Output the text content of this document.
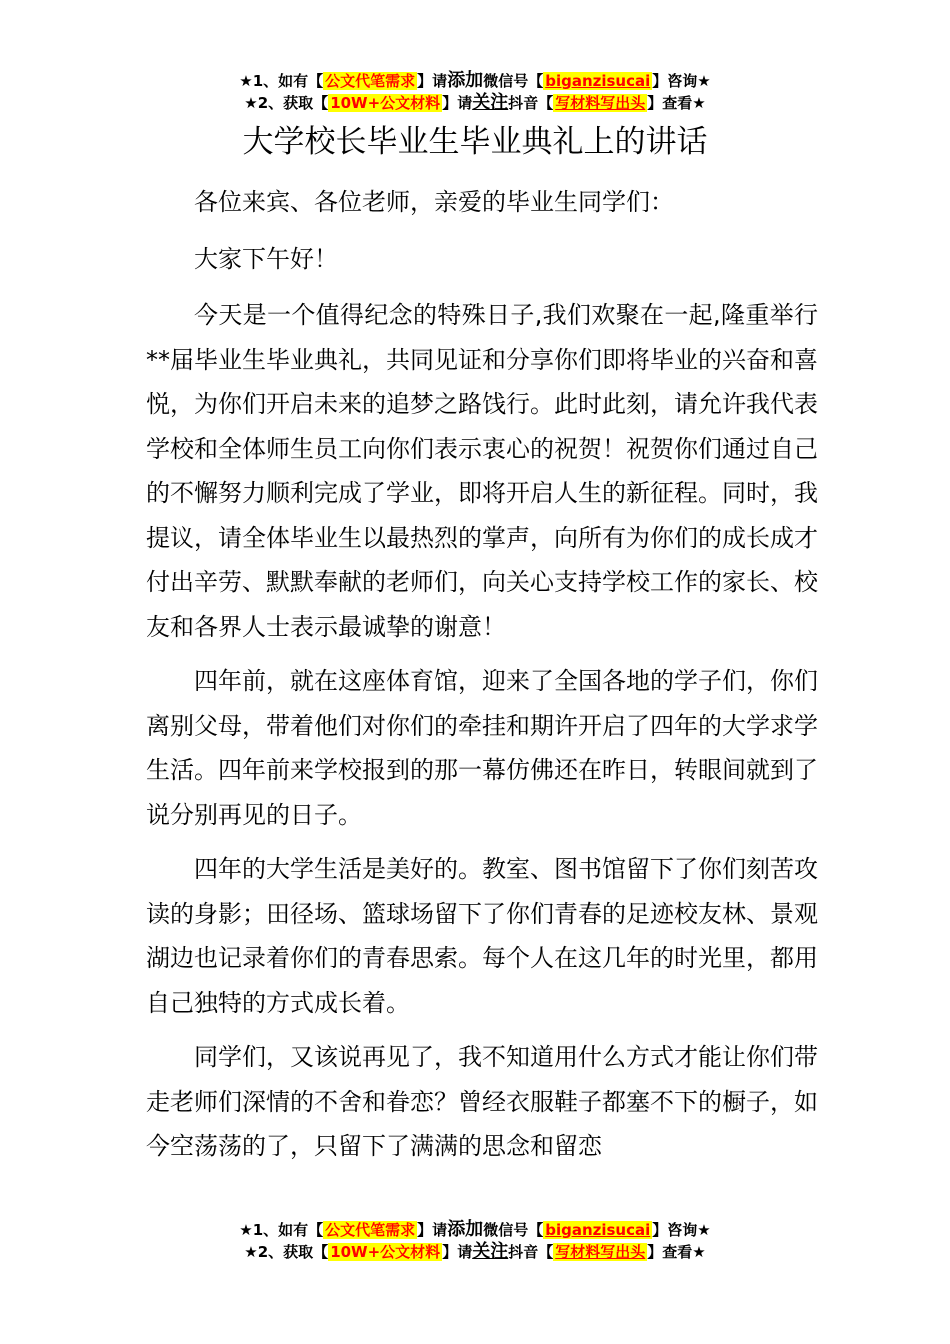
★1、如有【 公文代笔需求 】请添加微信号【 biganzisucai 】咨询★
★2、获取【 10W+公文材料 】请关注抖音【 写材料写出头 】查看★
大学校长毕业生毕业典礼上的讲话

各位来宾、各位老师，亲爱的毕业生同学们：

大家下午好！

今天是一个值得纪念的特殊日子,我们欢聚在一起,隆重举行**届毕业生毕业典礼，共同见证和分享你们即将毕业的兴奋和喜悦，为你们开启未来的追梦之路饯行。此时此刻，请允许我代表学校和全体师生员工向你们表示衷心的祝贺！祝贺你们通过自己的不懈努力顺利完成了学业，即将开启人生的新征程。同时，我提议，请全体毕业生以最热烈的掌声，向所有为你们的成长成才付出辛劳、默默奉献的老师们，向关心支持学校工作的家长、校友和各界人士表示最诚挚的谢意！

四年前，就在这座体育馆，迎来了全国各地的学子们，你们离别父母，带着他们对你们的牵挂和期许开启了四年的大学求学生活。四年前来学校报到的那一幕仿佛还在昨日，转眼间就到了说分别再见的日子。

四年的大学生活是美好的。教室、图书馆留下了你们刻苦攻读的身影；田径场、篮球场留下了你们青春的足迹校友林、景观湖边也记录着你们的青春思索。每个人在这几年的时光里，都用自己独特的方式成长着。

同学们，又该说再见了，我不知道用什么方式才能让你们带走老师们深情的不舍和眷恋？曾经衣服鞋子都塞不下的橱子，如今空荡荡的了，只留下了满满的思念和留恋

★1、如有【 公文代笔需求 】请添加微信号【 biganzisucai 】咨询★
★2、获取【 10W+公文材料 】请关注抖音【 写材料写出头 】查看★
